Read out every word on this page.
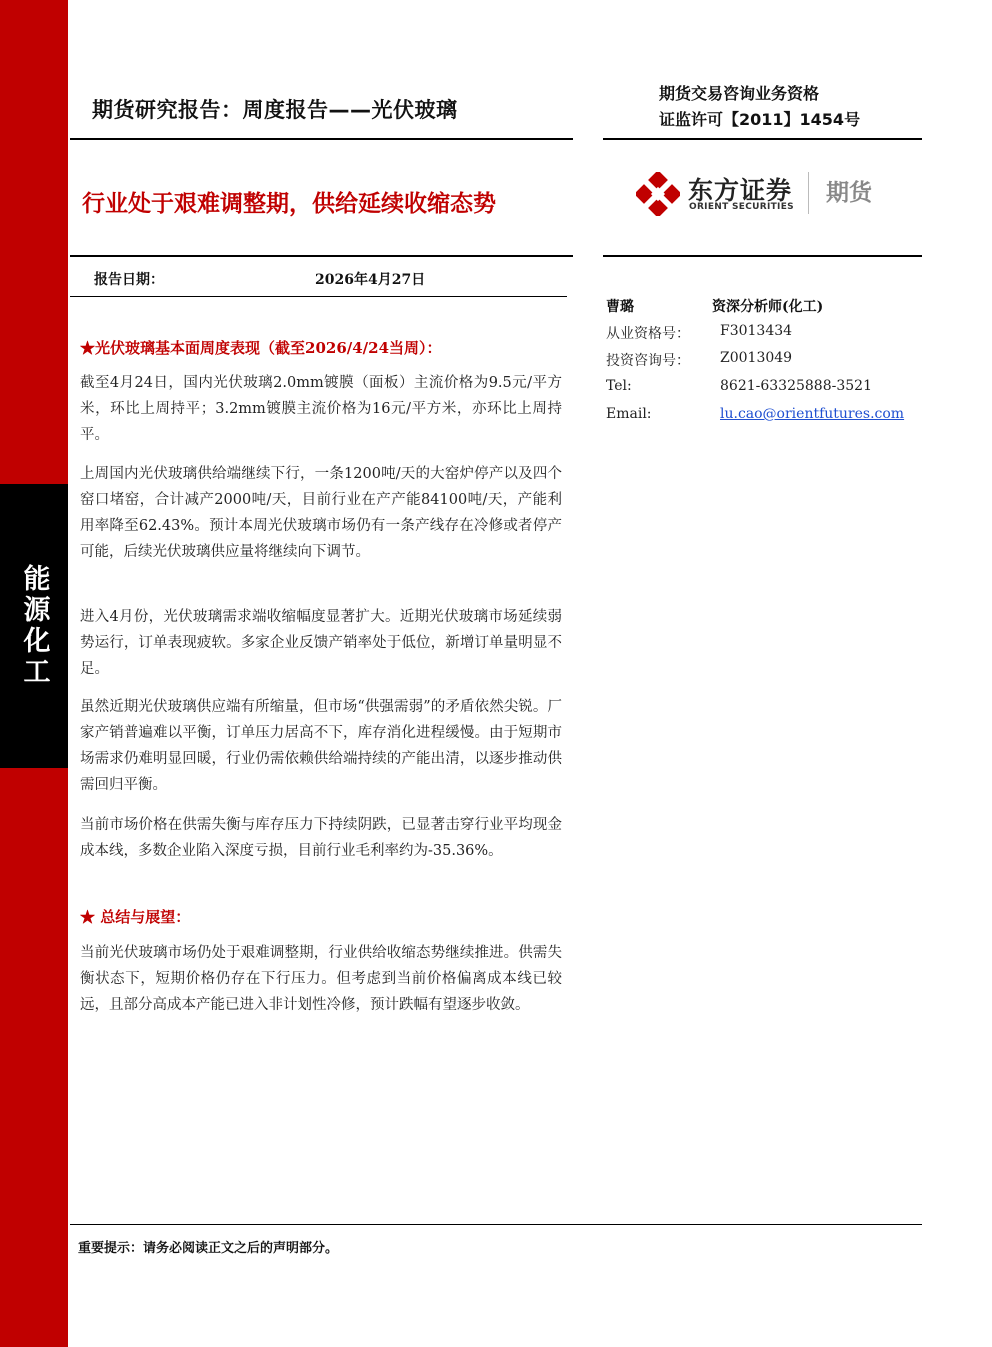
能源化工
期货研究报告：周度报告——光伏玻璃
期货交易咨询业务资格
证监许可【2011】1454号
行业处于艰难调整期，供给延续收缩态势	东方证券
ORIENT SECURITIES
期货
报告日期：	2026年4月27日
曹璐	资深分析师(化工)
从业资格号： F3013434
投资咨询号： Z0013049
Tel:	8621-63325888-3521
Email:	lu.cao@orientfutures.com
★光伏玻璃基本面周度表现（截至2026/4/24当周）：
截至4月24日，国内光伏玻璃2.0mm镀膜（面板）主流价格为9.5元/平方米，环比上周持平；3.2mm镀膜主流价格为16元/平方米，亦环比上周持平。
上周国内光伏玻璃供给端继续下行，一条1200吨/天的大窑炉停产以及四个窑口堵窑，合计减产2000吨/天，目前行业在产产能84100吨/天，产能利用率降至62.43%。预计本周光伏玻璃市场仍有一条产线存在冷修或者停产可能，后续光伏玻璃供应量将继续向下调节。
进入4月份，光伏玻璃需求端收缩幅度显著扩大。近期光伏玻璃市场延续弱势运行，订单表现疲软。多家企业反馈产销率处于低位，新增订单量明显不足。
虽然近期光伏玻璃供应端有所缩量，但市场“供强需弱”的矛盾依然尖锐。厂家产销普遍难以平衡，订单压力居高不下，库存消化进程缓慢。由于短期市场需求仍难明显回暖，行业仍需依赖供给端持续的产能出清，以逐步推动供需回归平衡。
当前市场价格在供需失衡与库存压力下持续阴跌，已显著击穿行业平均现金成本线，多数企业陷入深度亏损，目前行业毛利率约为-35.36%。
★ 总结与展望：
当前光伏玻璃市场仍处于艰难调整期，行业供给收缩态势继续推进。供需失衡状态下，短期价格仍存在下行压力。但考虑到当前价格偏离成本线已较远，且部分高成本产能已进入非计划性冷修，预计跌幅有望逐步收敛。
重要提示：请务必阅读正文之后的声明部分。
